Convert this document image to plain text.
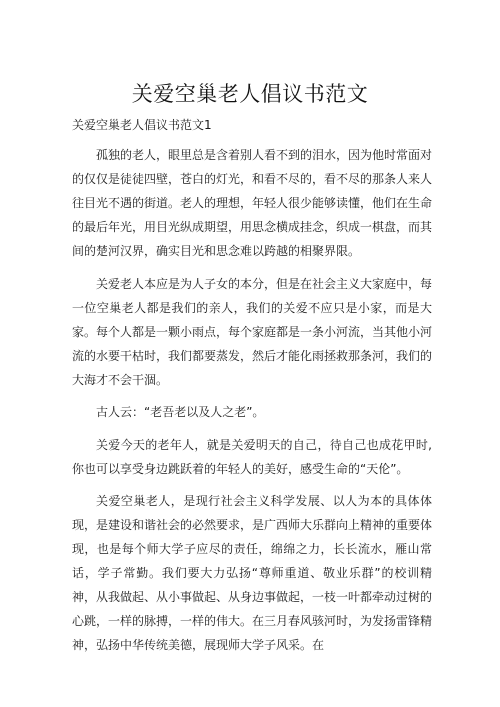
关爱空巢老人倡议书范文
关爱空巢老人倡议书范文1

孤独的老人，眼里总是含着别人看不到的泪水，因为他时常面对的仅仅是徒徒四壁，苍白的灯光，和看不尽的，看不尽的那条人来人往目光不遇的街道。老人的理想，年轻人很少能够读懂，他们在生命的最后年光，用目光纵成期望，用思念横成挂念，织成一棋盘，而其间的楚河汉界，确实目光和思念难以跨越的相聚界限。

关爱老人本应是为人子女的本分，但是在社会主义大家庭中，每一位空巢老人都是我们的亲人，我们的关爱不应只是小家，而是大家。每个人都是一颗小雨点，每个家庭都是一条小河流，当其他小河流的水要干枯时，我们都要蒸发，然后才能化雨拯救那条河，我们的大海才不会干涸。

古人云：“老吾老以及人之老”。

关爱今天的老年人，就是关爱明天的自己，待自己也成花甲时,你也可以享受身边跳跃着的年轻人的美好，感受生命的“天伦”。

关爱空巢老人，是现行社会主义科学发展、以人为本的具体体现，是建设和谐社会的必然要求，是广西师大乐群向上精神的重要体现，也是每个师大学子应尽的责任，绵绵之力，长长流水，雁山常话，学子常勤。我们要大力弘扬“尊师重道、敬业乐群”的校训精神，从我做起、从小事做起、从身边事做起，一枝一叶都牵动过树的心跳，一样的脉搏，一样的伟大。在三月春风骇河时，为发扬雷锋精神，弘扬中华传统美德，展现师大学子风采。在
